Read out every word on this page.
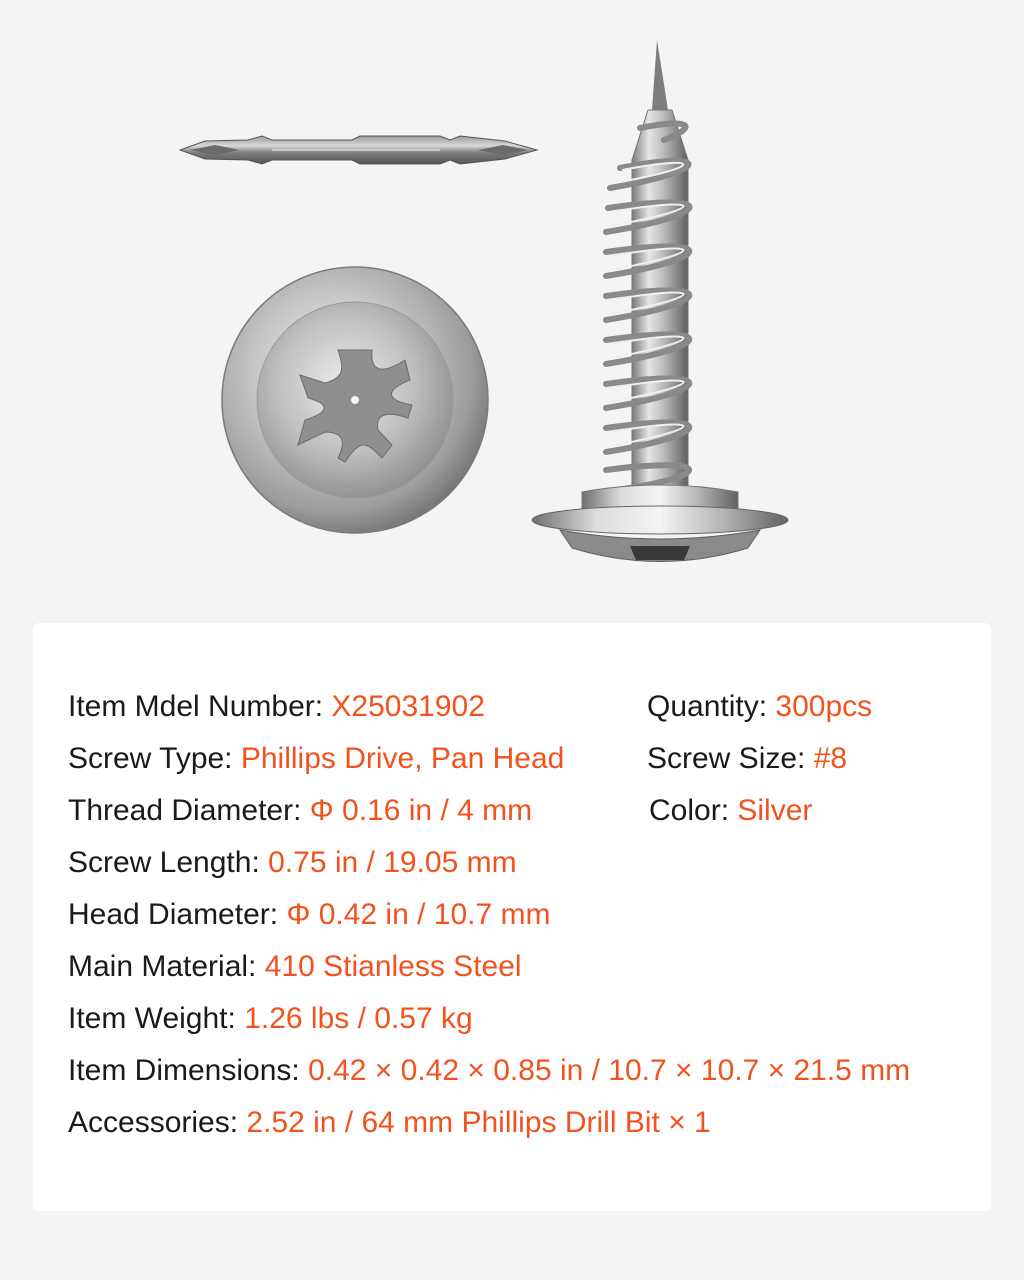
Item Mdel Number: X25031902
Screw Type: Phillips Drive, Pan Head
Thread Diameter: Φ 0.16 in / 4 mm
Screw Length: 0.75 in / 19.05 mm
Head Diameter: Φ 0.42 in / 10.7 mm
Main Material: 410 Stianless Steel
Item Weight: 1.26 lbs / 0.57 kg
Item Dimensions: 0.42 × 0.42 × 0.85 in / 10.7 × 10.7 × 21.5 mm
Accessories: 2.52 in / 64 mm Phillips Drill Bit × 1
Quantity: 300pcs
Screw Size: #8
Color: Silver
